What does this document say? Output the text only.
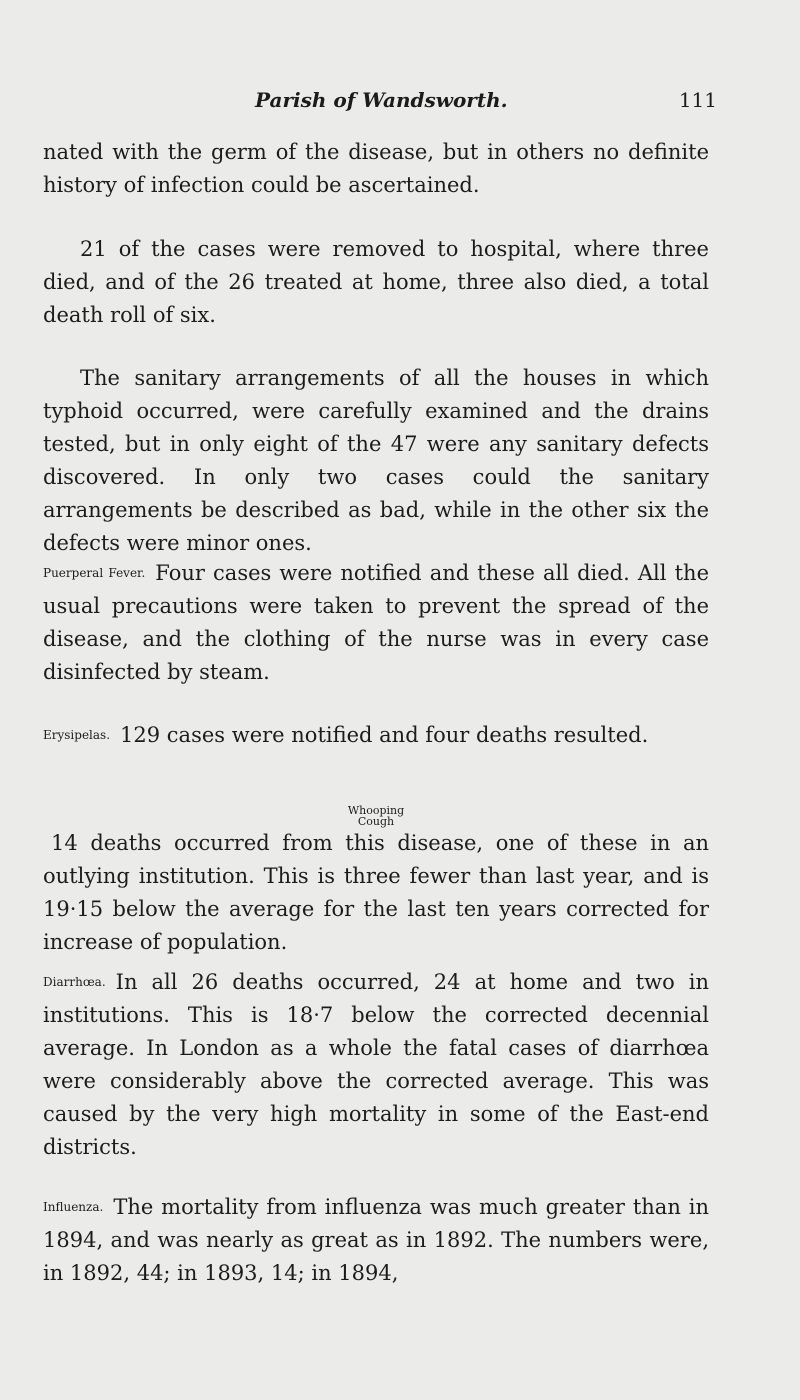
Parish of Wandsworth.	111

nated with the germ of the disease, but in others no definite history of infection could be ascertained.

21 of the cases were removed to hospital, where three died, and of the 26 treated at home, three also died, a total death roll of six.

The sanitary arrangements of all the houses in which typhoid occurred, were carefully examined and the drains tested, but in only eight of the 47 were any sanitary defects discovered. In only two cases could the sanitary arrangements be described as bad, while in the other six the defects were minor ones.

Puerperal Fever. Four cases were notified and these all died. All the usual precautions were taken to prevent the spread of the disease, and the clothing of the nurse was in every case disinfected by steam.

Erysipelas. 129 cases were notified and four deaths resulted.

$^{Whooping Cough}$
14 deaths occurred from this disease, one of these in an outlying institution. This is three fewer than last year, and is 19·15 below the average for the last ten years corrected for increase of population.

Diarrhœa. In all 26 deaths occurred, 24 at home and two in institutions. This is 18·7 below the corrected decennial average. In London as a whole the fatal cases of diarrhœa were considerably above the corrected average. This was caused by the very high mortality in some of the East-end districts.

Influenza. The mortality from influenza was much greater than in 1894, and was nearly as great as in 1892. The numbers were, in 1892, 44; in 1893, 14; in 1894,
